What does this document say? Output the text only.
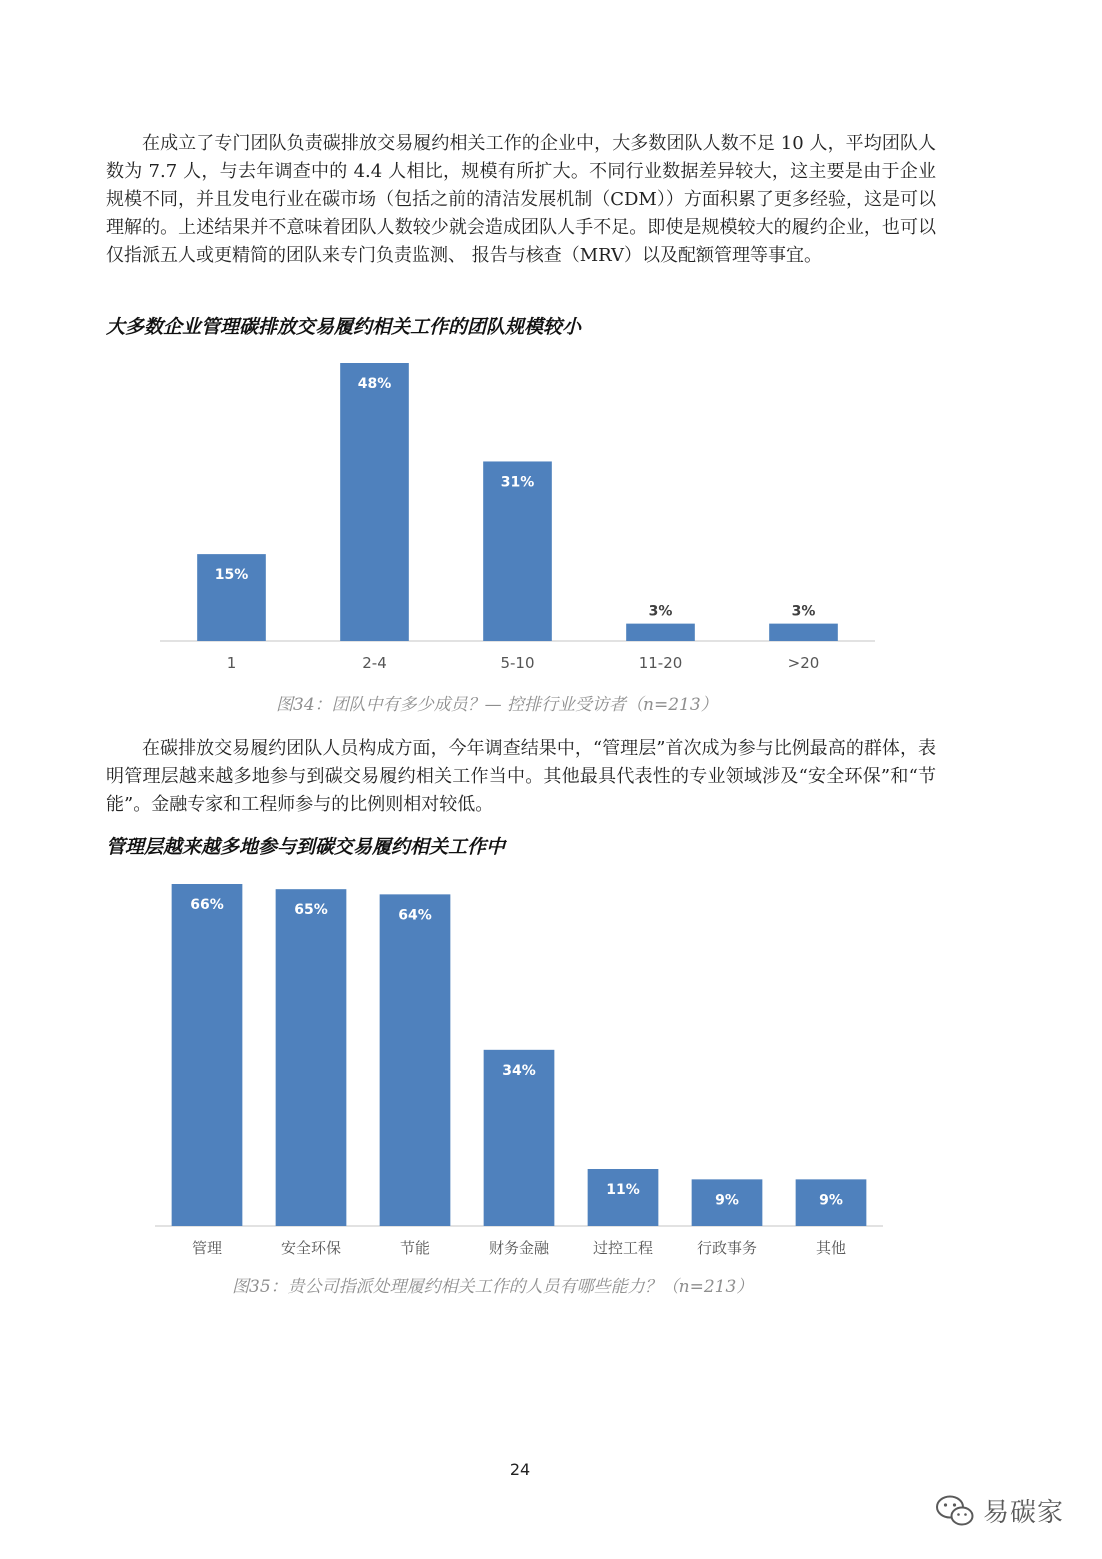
在成立了专门团队负责碳排放交易履约相关工作的企业中，大多数团队人数不足 10 人，平均团队人数为 7.7 人，与去年调查中的 4.4 人相比，规模有所扩大。不同行业数据差异较大，这主要是由于企业规模不同，并且发电行业在碳市场（包括之前的清洁发展机制（CDM））方面积累了更多经验，这是可以理解的。上述结果并不意味着团队人数较少就会造成团队人手不足。即使是规模较大的履约企业，也可以仅指派五人或更精简的团队来专门负责监测、 报告与核查（MRV）以及配额管理等事宜。

大多数企业管理碳排放交易履约相关工作的团队规模较小
15%
1
48%
2-4
31%
5-10
3%
11-20
3%
>20

图34：团队中有多少成员？— 控排行业受访者（n=213）

在碳排放交易履约团队人员构成方面，今年调查结果中，“管理层”首次成为参与比例最高的群体，表明管理层越来越多地参与到碳交易履约相关工作当中。其他最具代表性的专业领域涉及“安全环保”和“节能”。金融专家和工程师参与的比例则相对较低。

管理层越来越多地参与到碳交易履约相关工作中
66%
管理
65%
安全环保
64%
节能
34%
财务金融
11%
过控工程
9%
行政事务
9%
其他

图35：贵公司指派处理履约相关工作的人员有哪些能力？（n=213）

24

易碳家
